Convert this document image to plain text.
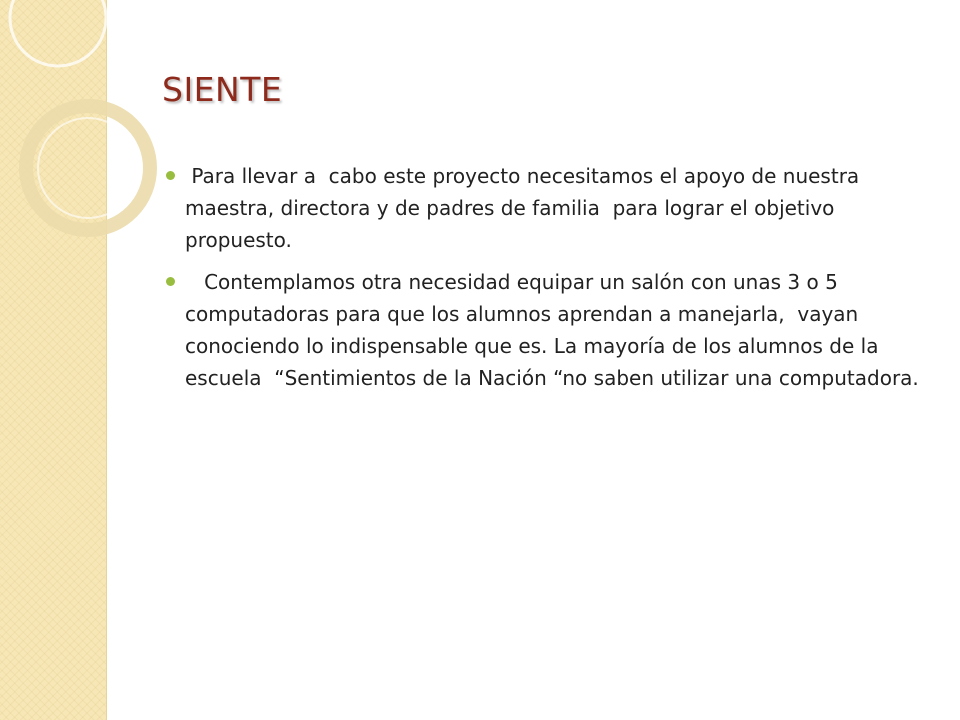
SIENTE
Para llevar a  cabo este proyecto necesitamos el apoyo de nuestra maestra, directora y de padres de familia  para lograr el objetivo propuesto.
Contemplamos otra necesidad equipar un salón con unas 3 o 5 computadoras para que los alumnos aprendan a manejarla,  vayan conociendo lo indispensable que es. La mayoría de los alumnos de la escuela  “Sentimientos de la Nación “no saben utilizar una computadora.
